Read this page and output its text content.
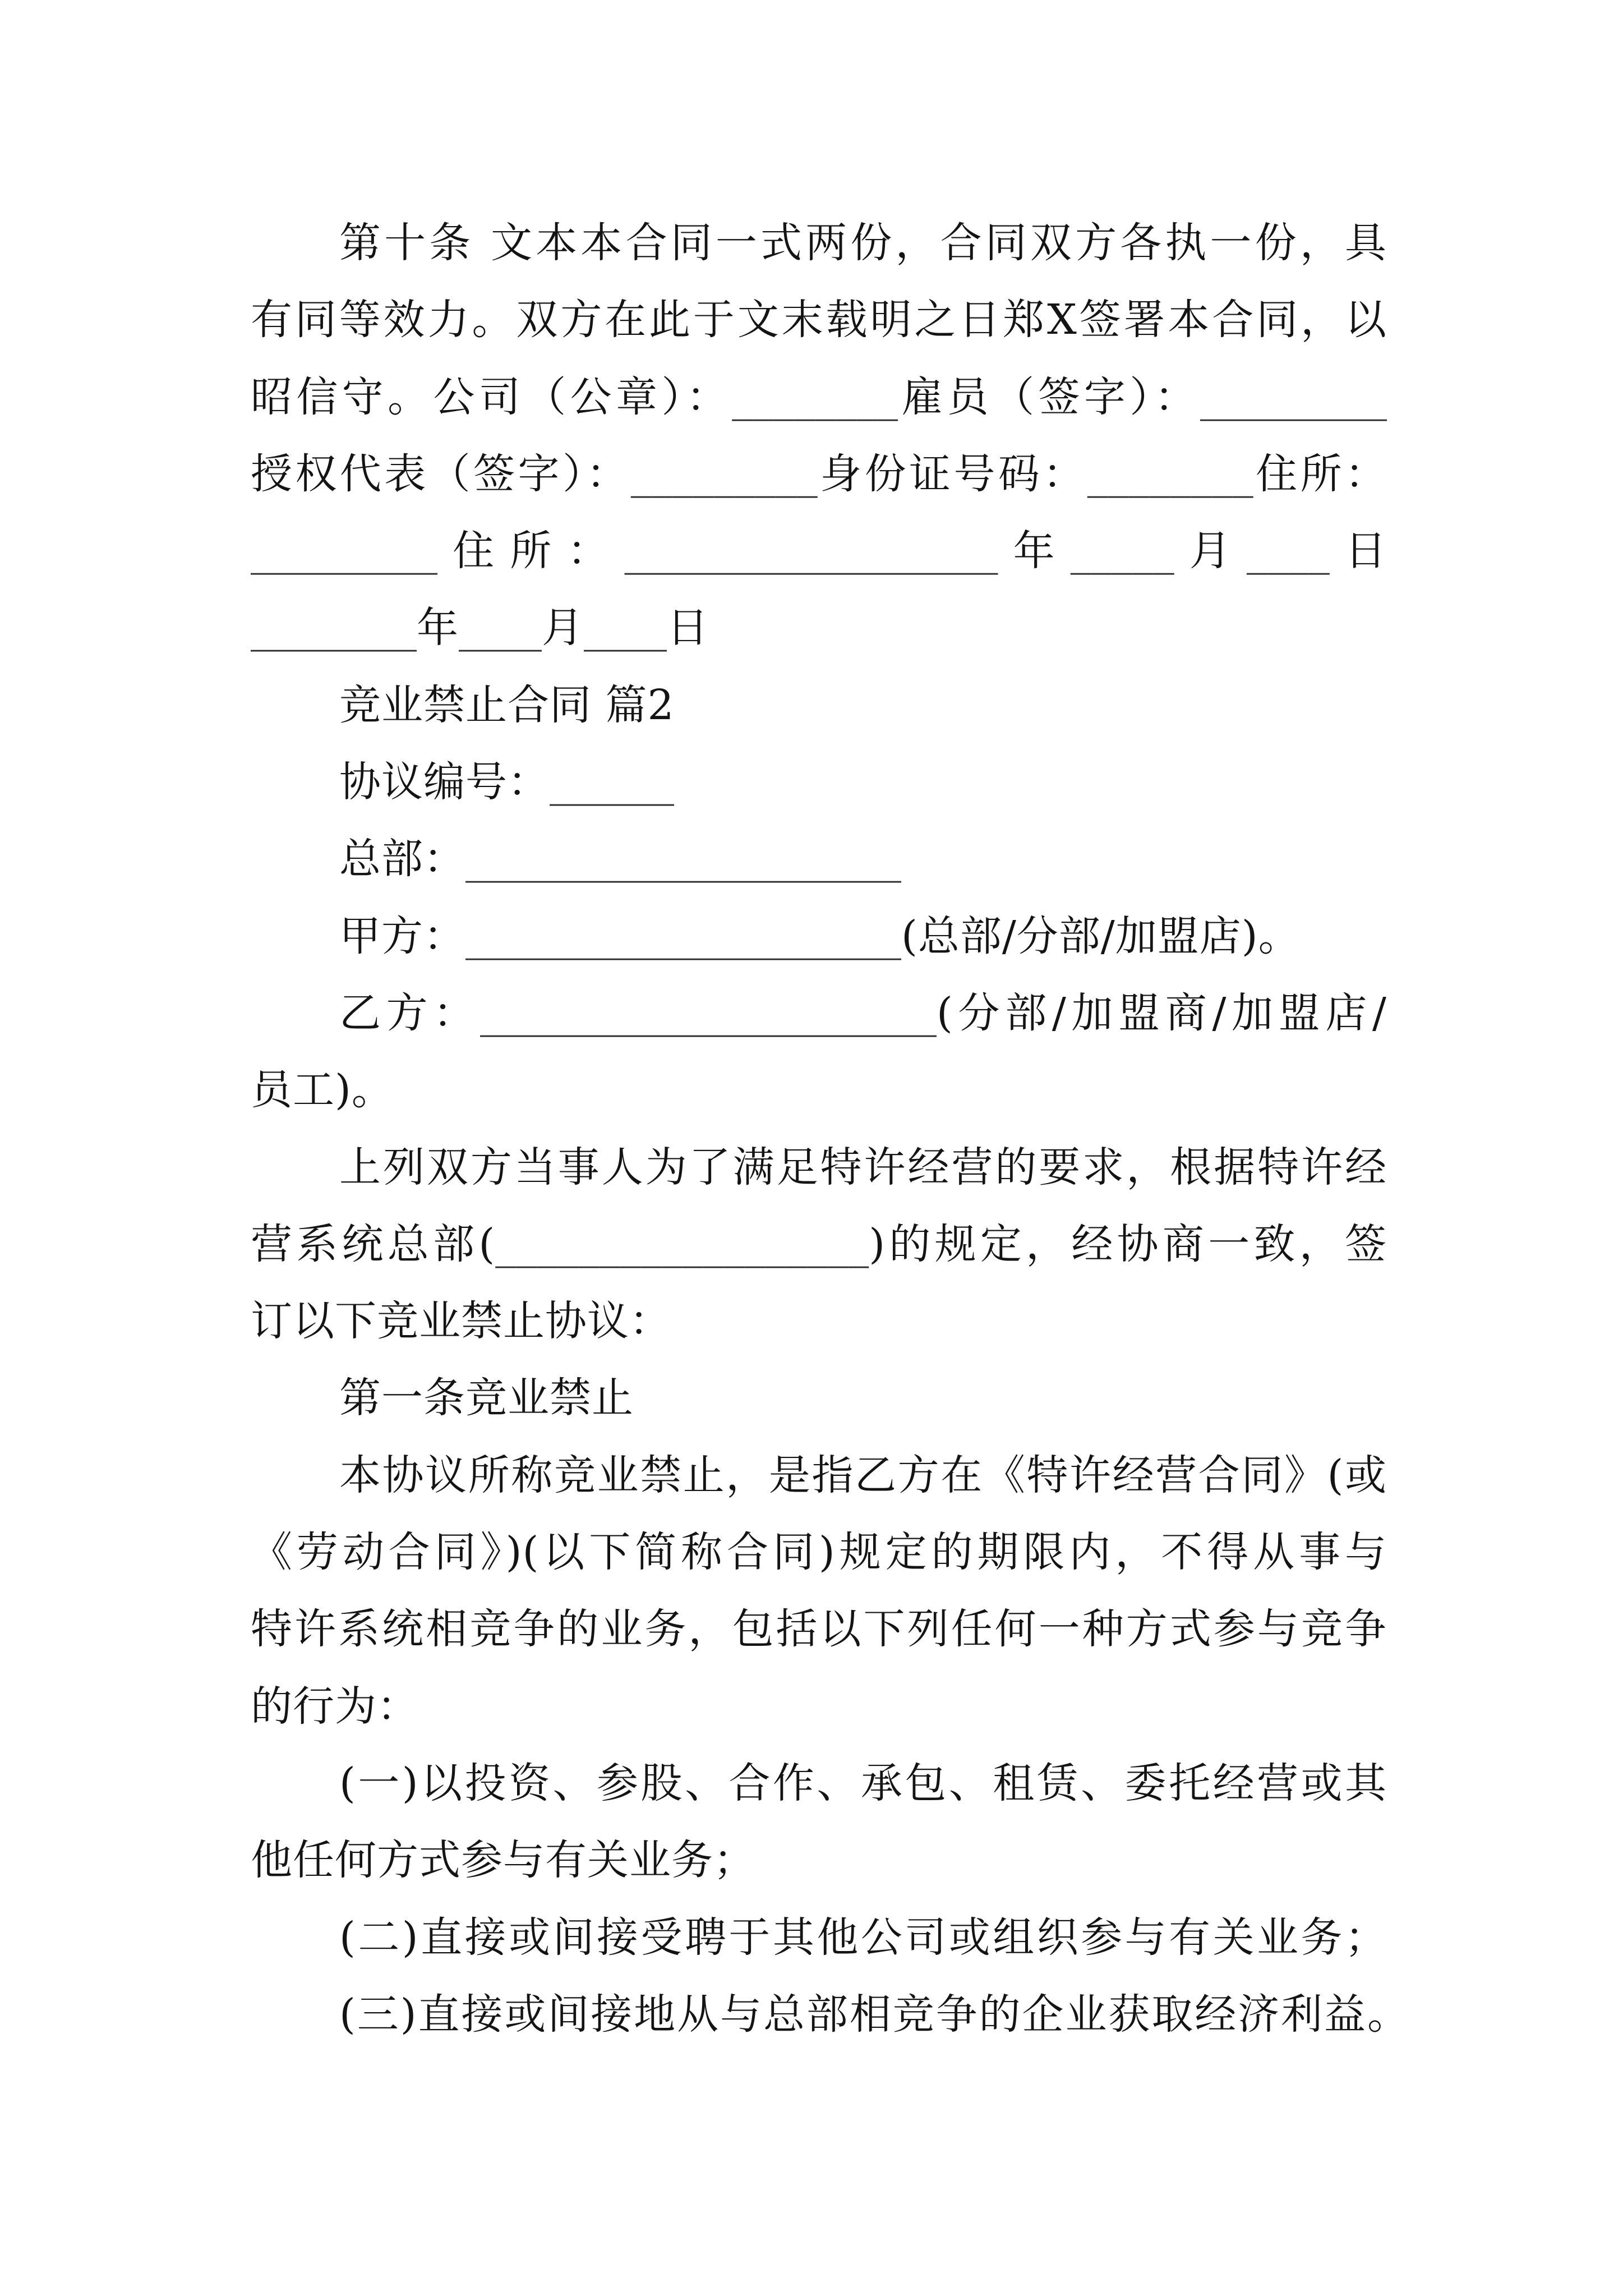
第十条 文本本合同一式两份，合同双方各执一份，具
有同等效力。双方在此于文末载明之日郑X签署本合同，以
昭信守。公司（公章）：________雇员（签字）：_________
授权代表（签字）：_________身份证号码：________住所：
_________住所：__________________年_____月____日
________年____月____日
竞业禁止合同 篇2
协议编号：______
总部：_____________________
甲方：_____________________(总部/分部/加盟店)。
乙方：______________________(分部/加盟商/加盟店/
员工)。
上列双方当事人为了满足特许经营的要求，根据特许经
营系统总部(__________________)的规定，经协商一致，签
订以下竞业禁止协议：
第一条竞业禁止
本协议所称竞业禁止，是指乙方在《特许经营合同》(或
《劳动合同》)(以下简称合同)规定的期限内，不得从事与
特许系统相竞争的业务，包括以下列任何一种方式参与竞争
的行为：
(一)以投资、参股、合作、承包、租赁、委托经营或其
他任何方式参与有关业务；
(二)直接或间接受聘于其他公司或组织参与有关业务；
(三)直接或间接地从与总部相竞争的企业获取经济利益。
